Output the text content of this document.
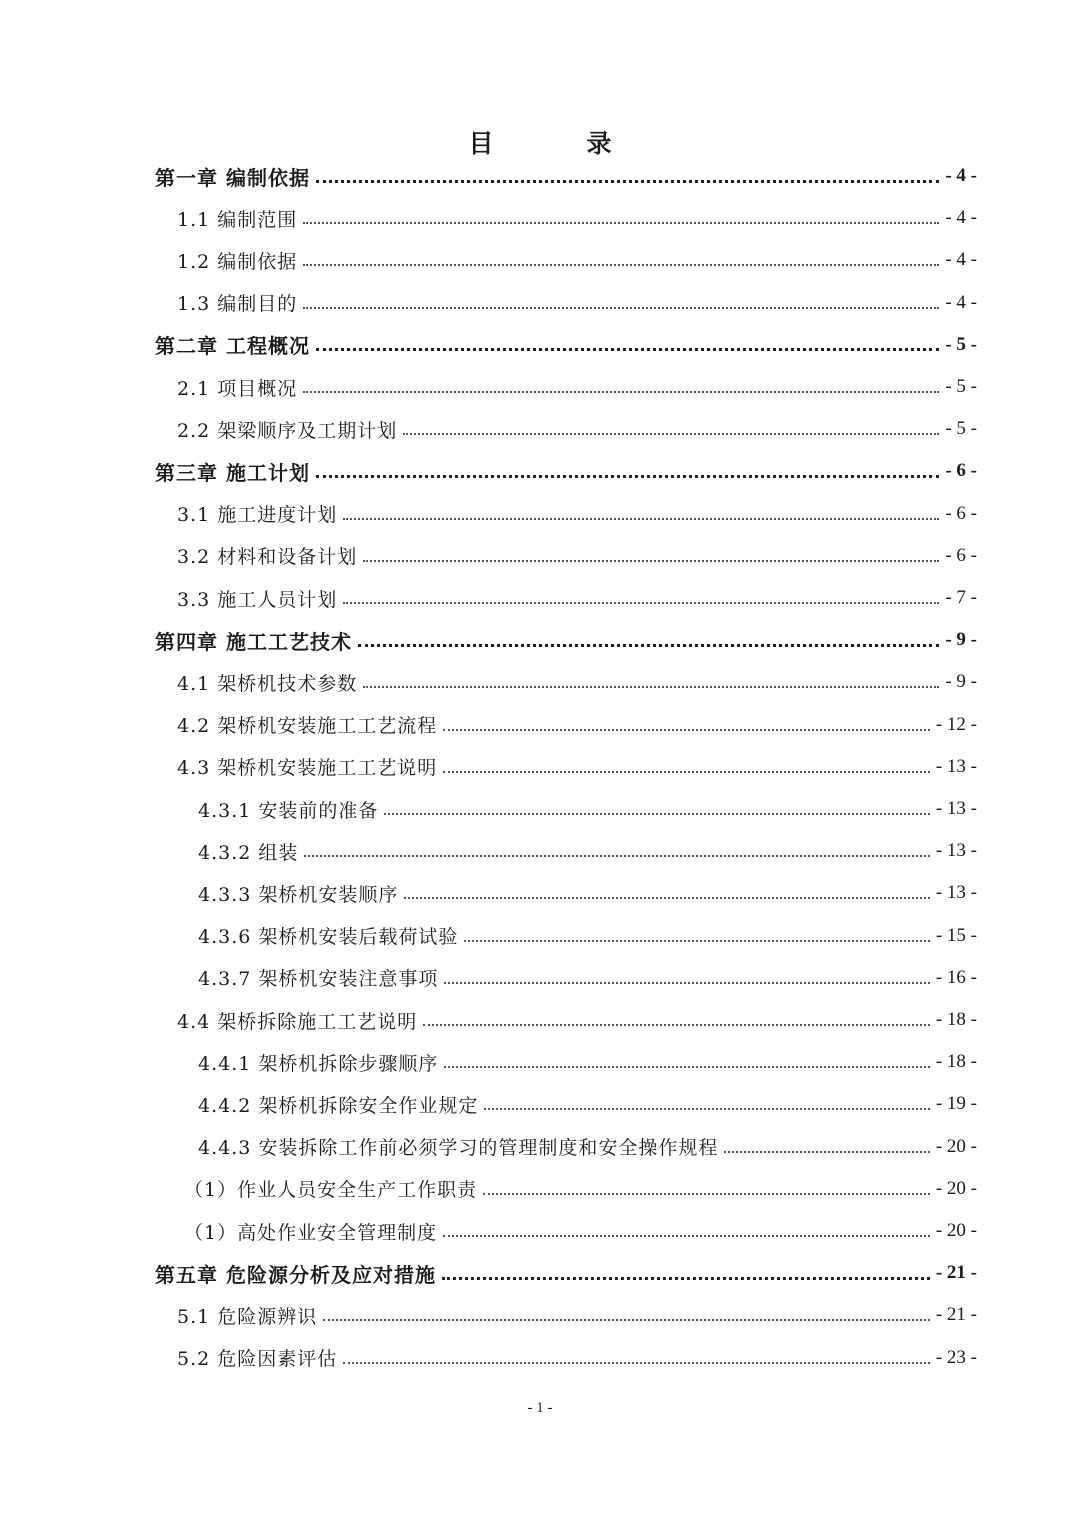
目　录
第一章 编制依据	- 4 -
1.1 编制范围	- 4 -
1.2 编制依据	- 4 -
1.3 编制目的	- 4 -
第二章 工程概况	- 5 -
2.1 项目概况	- 5 -
2.2 架梁顺序及工期计划	- 5 -
第三章 施工计划	- 6 -
3.1 施工进度计划	- 6 -
3.2 材料和设备计划	- 6 -
3.3 施工人员计划	- 7 -
第四章 施工工艺技术	- 9 -
4.1 架桥机技术参数	- 9 -
4.2 架桥机安装施工工艺流程	- 12 -
4.3 架桥机安装施工工艺说明	- 13 -
4.3.1 安装前的准备	- 13 -
4.3.2 组装	- 13 -
4.3.3 架桥机安装顺序	- 13 -
4.3.6 架桥机安装后载荷试验	- 15 -
4.3.7 架桥机安装注意事项	- 16 -
4.4 架桥拆除施工工艺说明	- 18 -
4.4.1 架桥机拆除步骤顺序	- 18 -
4.4.2 架桥机拆除安全作业规定	- 19 -
4.4.3 安装拆除工作前必须学习的管理制度和安全操作规程	- 20 -
（1）作业人员安全生产工作职责	- 20 -
（1）高处作业安全管理制度	- 20 -
第五章 危险源分析及应对措施	- 21 -
5.1 危险源辨识	- 21 -
5.2 危险因素评估	- 23 -
- 1 -
